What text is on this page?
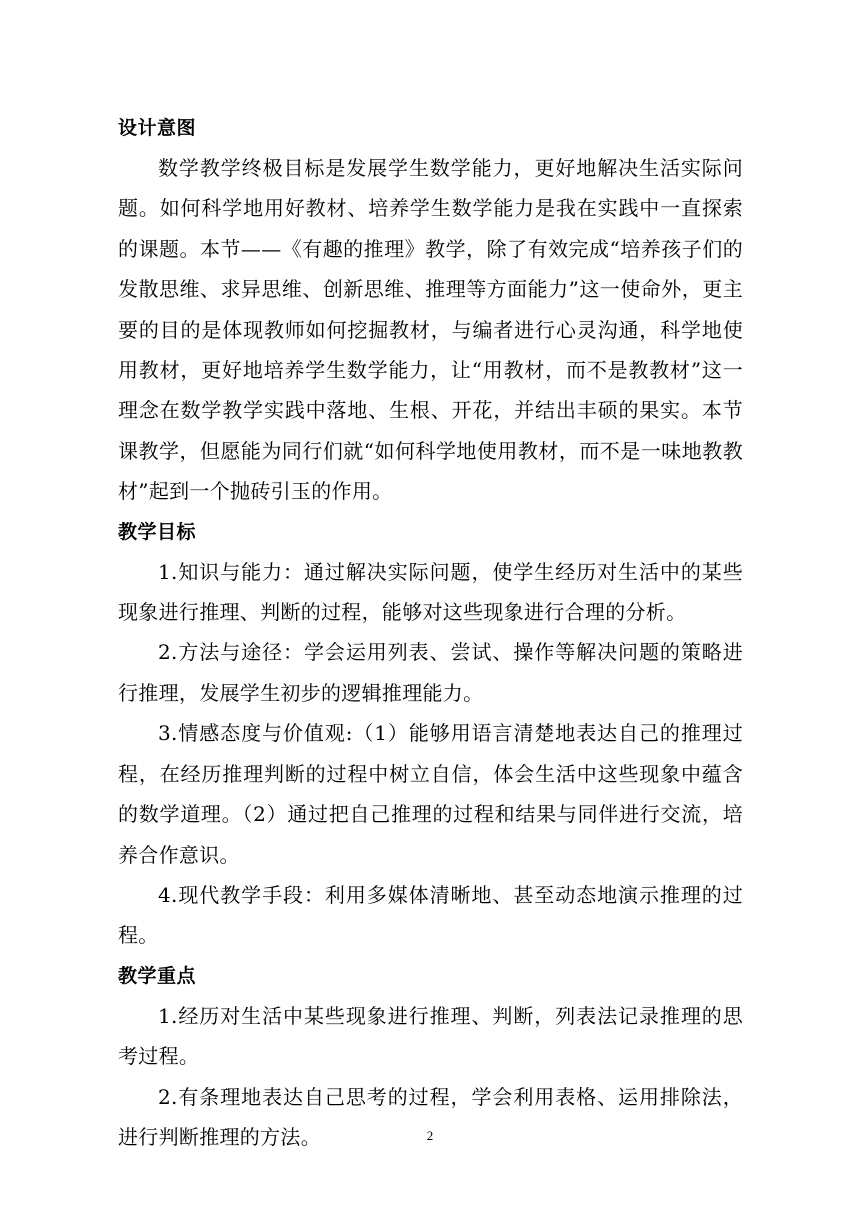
设计意图

数学教学终极目标是发展学生数学能力，更好地解决生活实际问题。如何科学地用好教材、培养学生数学能力是我在实践中一直探索的课题。本节——《有趣的推理》教学，除了有效完成“培养孩子们的发散思维、求异思维、创新思维、推理等方面能力”这一使命外，更主要的目的是体现教师如何挖掘教材，与编者进行心灵沟通，科学地使用教材，更好地培养学生数学能力，让“用教材，而不是教教材”这一理念在数学教学实践中落地、生根、开花，并结出丰硕的果实。本节课教学，但愿能为同行们就“如何科学地使用教材，而不是一味地教教材”起到一个抛砖引玉的作用。

教学目标

1.知识与能力：通过解决实际问题，使学生经历对生活中的某些现象进行推理、判断的过程，能够对这些现象进行合理的分析。

2.方法与途径：学会运用列表、尝试、操作等解决问题的策略进行推理，发展学生初步的逻辑推理能力。

3.情感态度与价值观:（1）能够用语言清楚地表达自己的推理过程，在经历推理判断的过程中树立自信，体会生活中这些现象中蕴含的数学道理。（2）通过把自己推理的过程和结果与同伴进行交流，培养合作意识。

4.现代教学手段：利用多媒体清晰地、甚至动态地演示推理的过程。

教学重点

1.经历对生活中某些现象进行推理、判断，列表法记录推理的思考过程。

2.有条理地表达自己思考的过程，学会利用表格、运用排除法，进行判断推理的方法。	2
